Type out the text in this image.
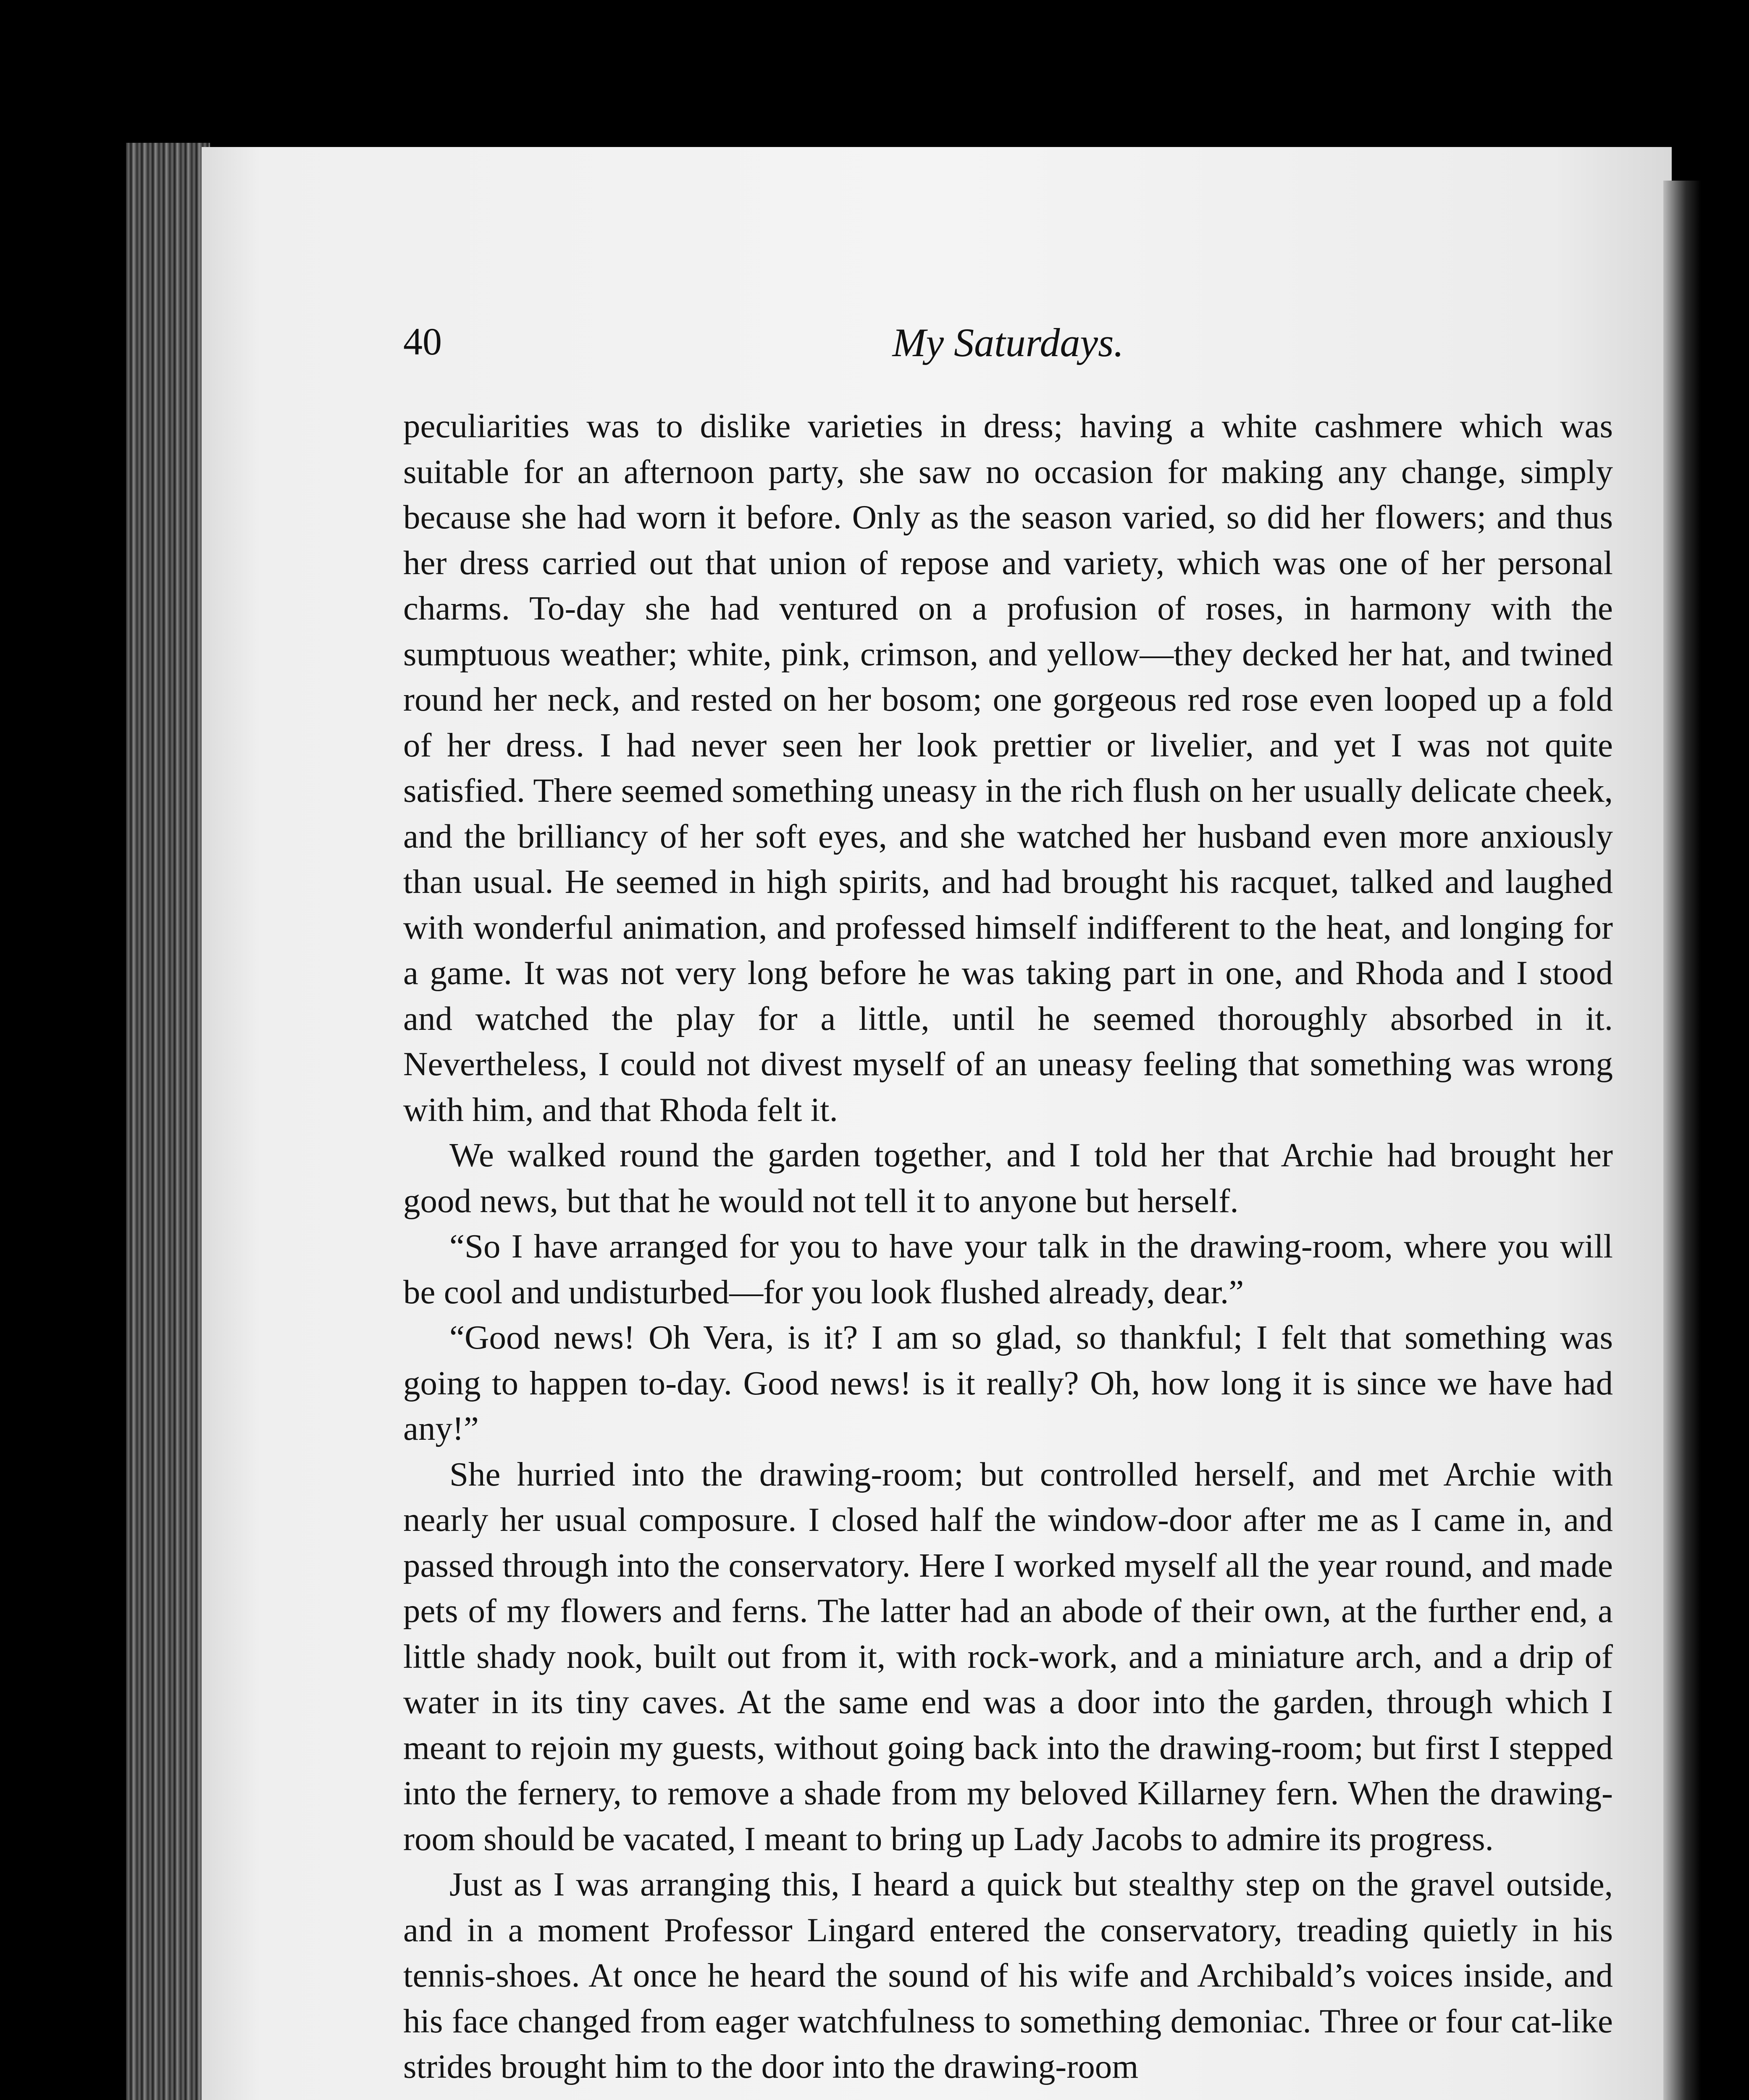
40	My Saturdays.

peculiarities was to dislike varieties in dress; having a white cashmere which was suitable for an afternoon party, she saw no occasion for making any change, simply because she had worn it before. Only as the season varied, so did her flowers; and thus her dress carried out that union of repose and variety, which was one of her personal charms. To-day she had ventured on a profusion of roses, in harmony with the sumptuous weather; white, pink, crimson, and yellow—they decked her hat, and twined round her neck, and rested on her bosom; one gorgeous red rose even looped up a fold of her dress. I had never seen her look prettier or livelier, and yet I was not quite satisfied. There seemed something uneasy in the rich flush on her usually delicate cheek, and the brilliancy of her soft eyes, and she watched her husband even more anxiously than usual. He seemed in high spirits, and had brought his racquet, talked and laughed with wonderful animation, and professed himself indifferent to the heat, and longing for a game. It was not very long before he was taking part in one, and Rhoda and I stood and watched the play for a little, until he seemed thoroughly absorbed in it. Nevertheless, I could not divest myself of an uneasy feeling that something was wrong with him, and that Rhoda felt it.

We walked round the garden together, and I told her that Archie had brought her good news, but that he would not tell it to anyone but herself.

“So I have arranged for you to have your talk in the drawing-room, where you will be cool and undisturbed—for you look flushed already, dear.”

“Good news! Oh Vera, is it? I am so glad, so thankful; I felt that something was going to happen to-day. Good news! is it really? Oh, how long it is since we have had any!”

She hurried into the drawing-room; but controlled herself, and met Archie with nearly her usual composure. I closed half the window-door after me as I came in, and passed through into the conservatory. Here I worked myself all the year round, and made pets of my flowers and ferns. The latter had an abode of their own, at the further end, a little shady nook, built out from it, with rock-work, and a miniature arch, and a drip of water in its tiny caves. At the same end was a door into the garden, through which I meant to rejoin my guests, without going back into the drawing-room; but first I stepped into the fernery, to remove a shade from my beloved Killarney fern. When the drawing-room should be vacated, I meant to bring up Lady Jacobs to admire its progress.

Just as I was arranging this, I heard a quick but stealthy step on the gravel outside, and in a moment Professor Lingard entered the conservatory, treading quietly in his tennis-shoes. At once he heard the sound of his wife and Archibald’s voices inside, and his face changed from eager watchfulness to something demoniac. Three or four cat-like strides brought him to the door into the drawing-room
